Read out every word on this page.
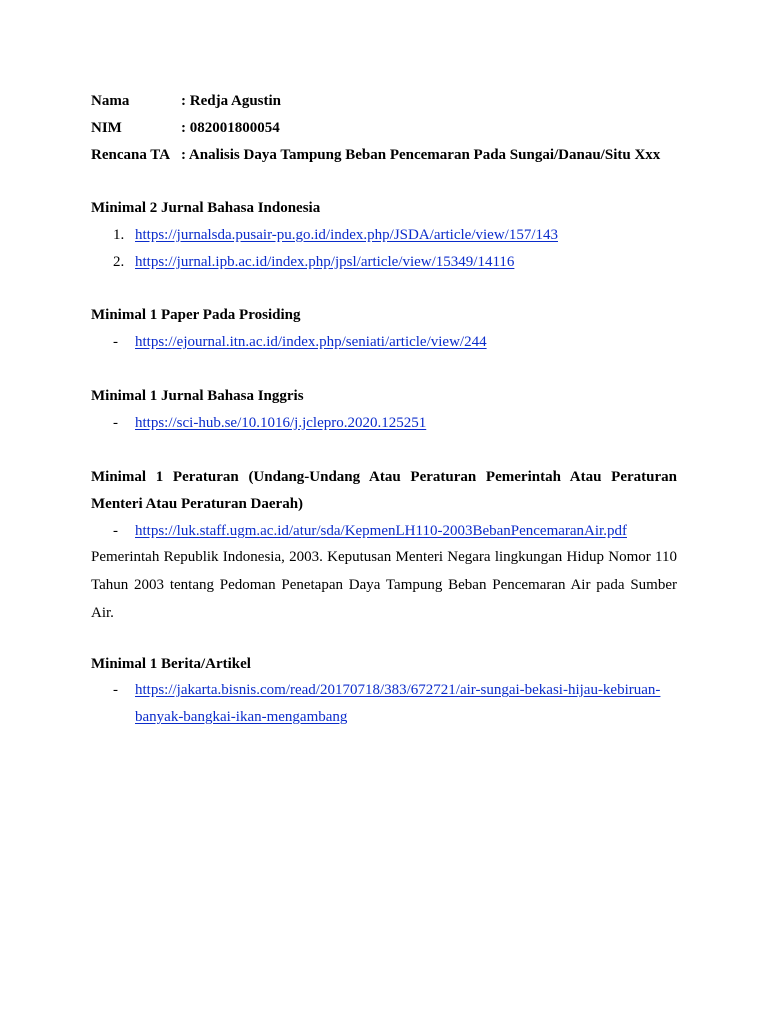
Nama	: Redja Agustin
NIM	: 082001800054
Rencana TA : Analisis Daya Tampung Beban Pencemaran Pada Sungai/Danau/Situ Xxx
Minimal 2 Jurnal Bahasa Indonesia
1. https://jurnalsda.pusair-pu.go.id/index.php/JSDA/article/view/157/143
2. https://jurnal.ipb.ac.id/index.php/jpsl/article/view/15349/14116
Minimal 1 Paper Pada Prosiding
-	https://ejournal.itn.ac.id/index.php/seniati/article/view/244
Minimal 1 Jurnal Bahasa Inggris
-	https://sci-hub.se/10.1016/j.jclepro.2020.125251
Minimal 1 Peraturan (Undang-Undang Atau Peraturan Pemerintah Atau Peraturan Menteri Atau Peraturan Daerah)
-	https://luk.staff.ugm.ac.id/atur/sda/KepmenLH110-2003BebanPencemaranAir.pdf

Pemerintah Republik Indonesia, 2003. Keputusan Menteri Negara lingkungan Hidup Nomor 110 Tahun 2003 tentang Pedoman Penetapan Daya Tampung Beban Pencemaran Air pada Sumber Air.

Minimal 1 Berita/Artikel
-	https://jakarta.bisnis.com/read/20170718/383/672721/air-sungai-bekasi-hijau-kebiruan-banyak-bangkai-ikan-mengambang
